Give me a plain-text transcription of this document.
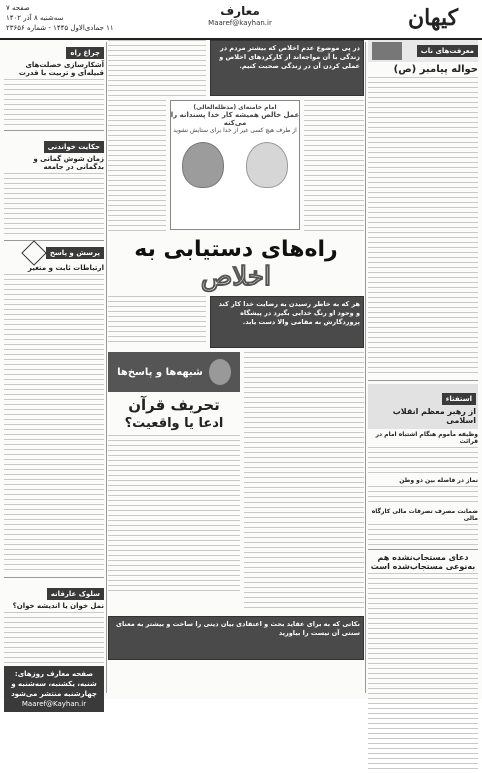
کیهان
معارف
Maaref@kayhan.ir
صفحه ۷
سه‌شنبه ۸ آذر ۱۴۰۲
۱۱ جمادی‌الاول ۱۴۴۵ - شماره ۲۳۶۵۶
معرفت‌های ناب
حواله پیامبر (ص)
استفتاء
از رهبر معظم انقلاب اسلامی
وظیفه مأموم هنگام اشتباه امام در قرائت
نماز در فاصله بین دو وطن
ضمانت مصرف تصرفات مالی کارگاه مالی
دعای مستجاب‌نشده هم به‌نوعی مستجاب‌شده است
در پی موضوع عدم اخلاص که بیشتر مردم در زندگی با آن مواجه‌اند از کارکردهای اخلاص و عملی کردن آن در زندگی صحبت کنیم.
امام خامنه‌ای (مدظله‌العالی)
عمل خالص همیشه کار خدا پسندانه را می‌کنه
از طرف هیچ کسی غیر از خدا برای ستایش نشوید
راه‌های دستیابی به
اخلاص
هر که به خاطر رسیدن به رضایت خدا کار کند و وجود او رنگ خدایی بگیرد در پیشگاه پروردگارش به مقامی والا دست یابد.
شبهه‌ها و پاسخ‌ها
تحریف قرآن
ادعا یا واقعیت؟
نکاتی که به برای عقاید بحث و اعتقادی بیان دینی را ساخت و بیشتر به معنای سنتی آن نیست را بیاورید
چراغ راه
آشکارسازی خصلت‌های قبیله‌ای و تربیت با قدرت
حکایت خواندنی
زمان شوش گمانی و بدگمانی در جامعه
پرسش و پاسخ
ارتباطات ثابت و متغیر
سلوک عارفانه
نمل خوان یا اندیشه خوان؟
صفحه معارف روزهای: شنبه، یکشنبه، سه‌شنبه و چهارشنبه منتشر می‌شود
Maaref@Kayhan.ir
